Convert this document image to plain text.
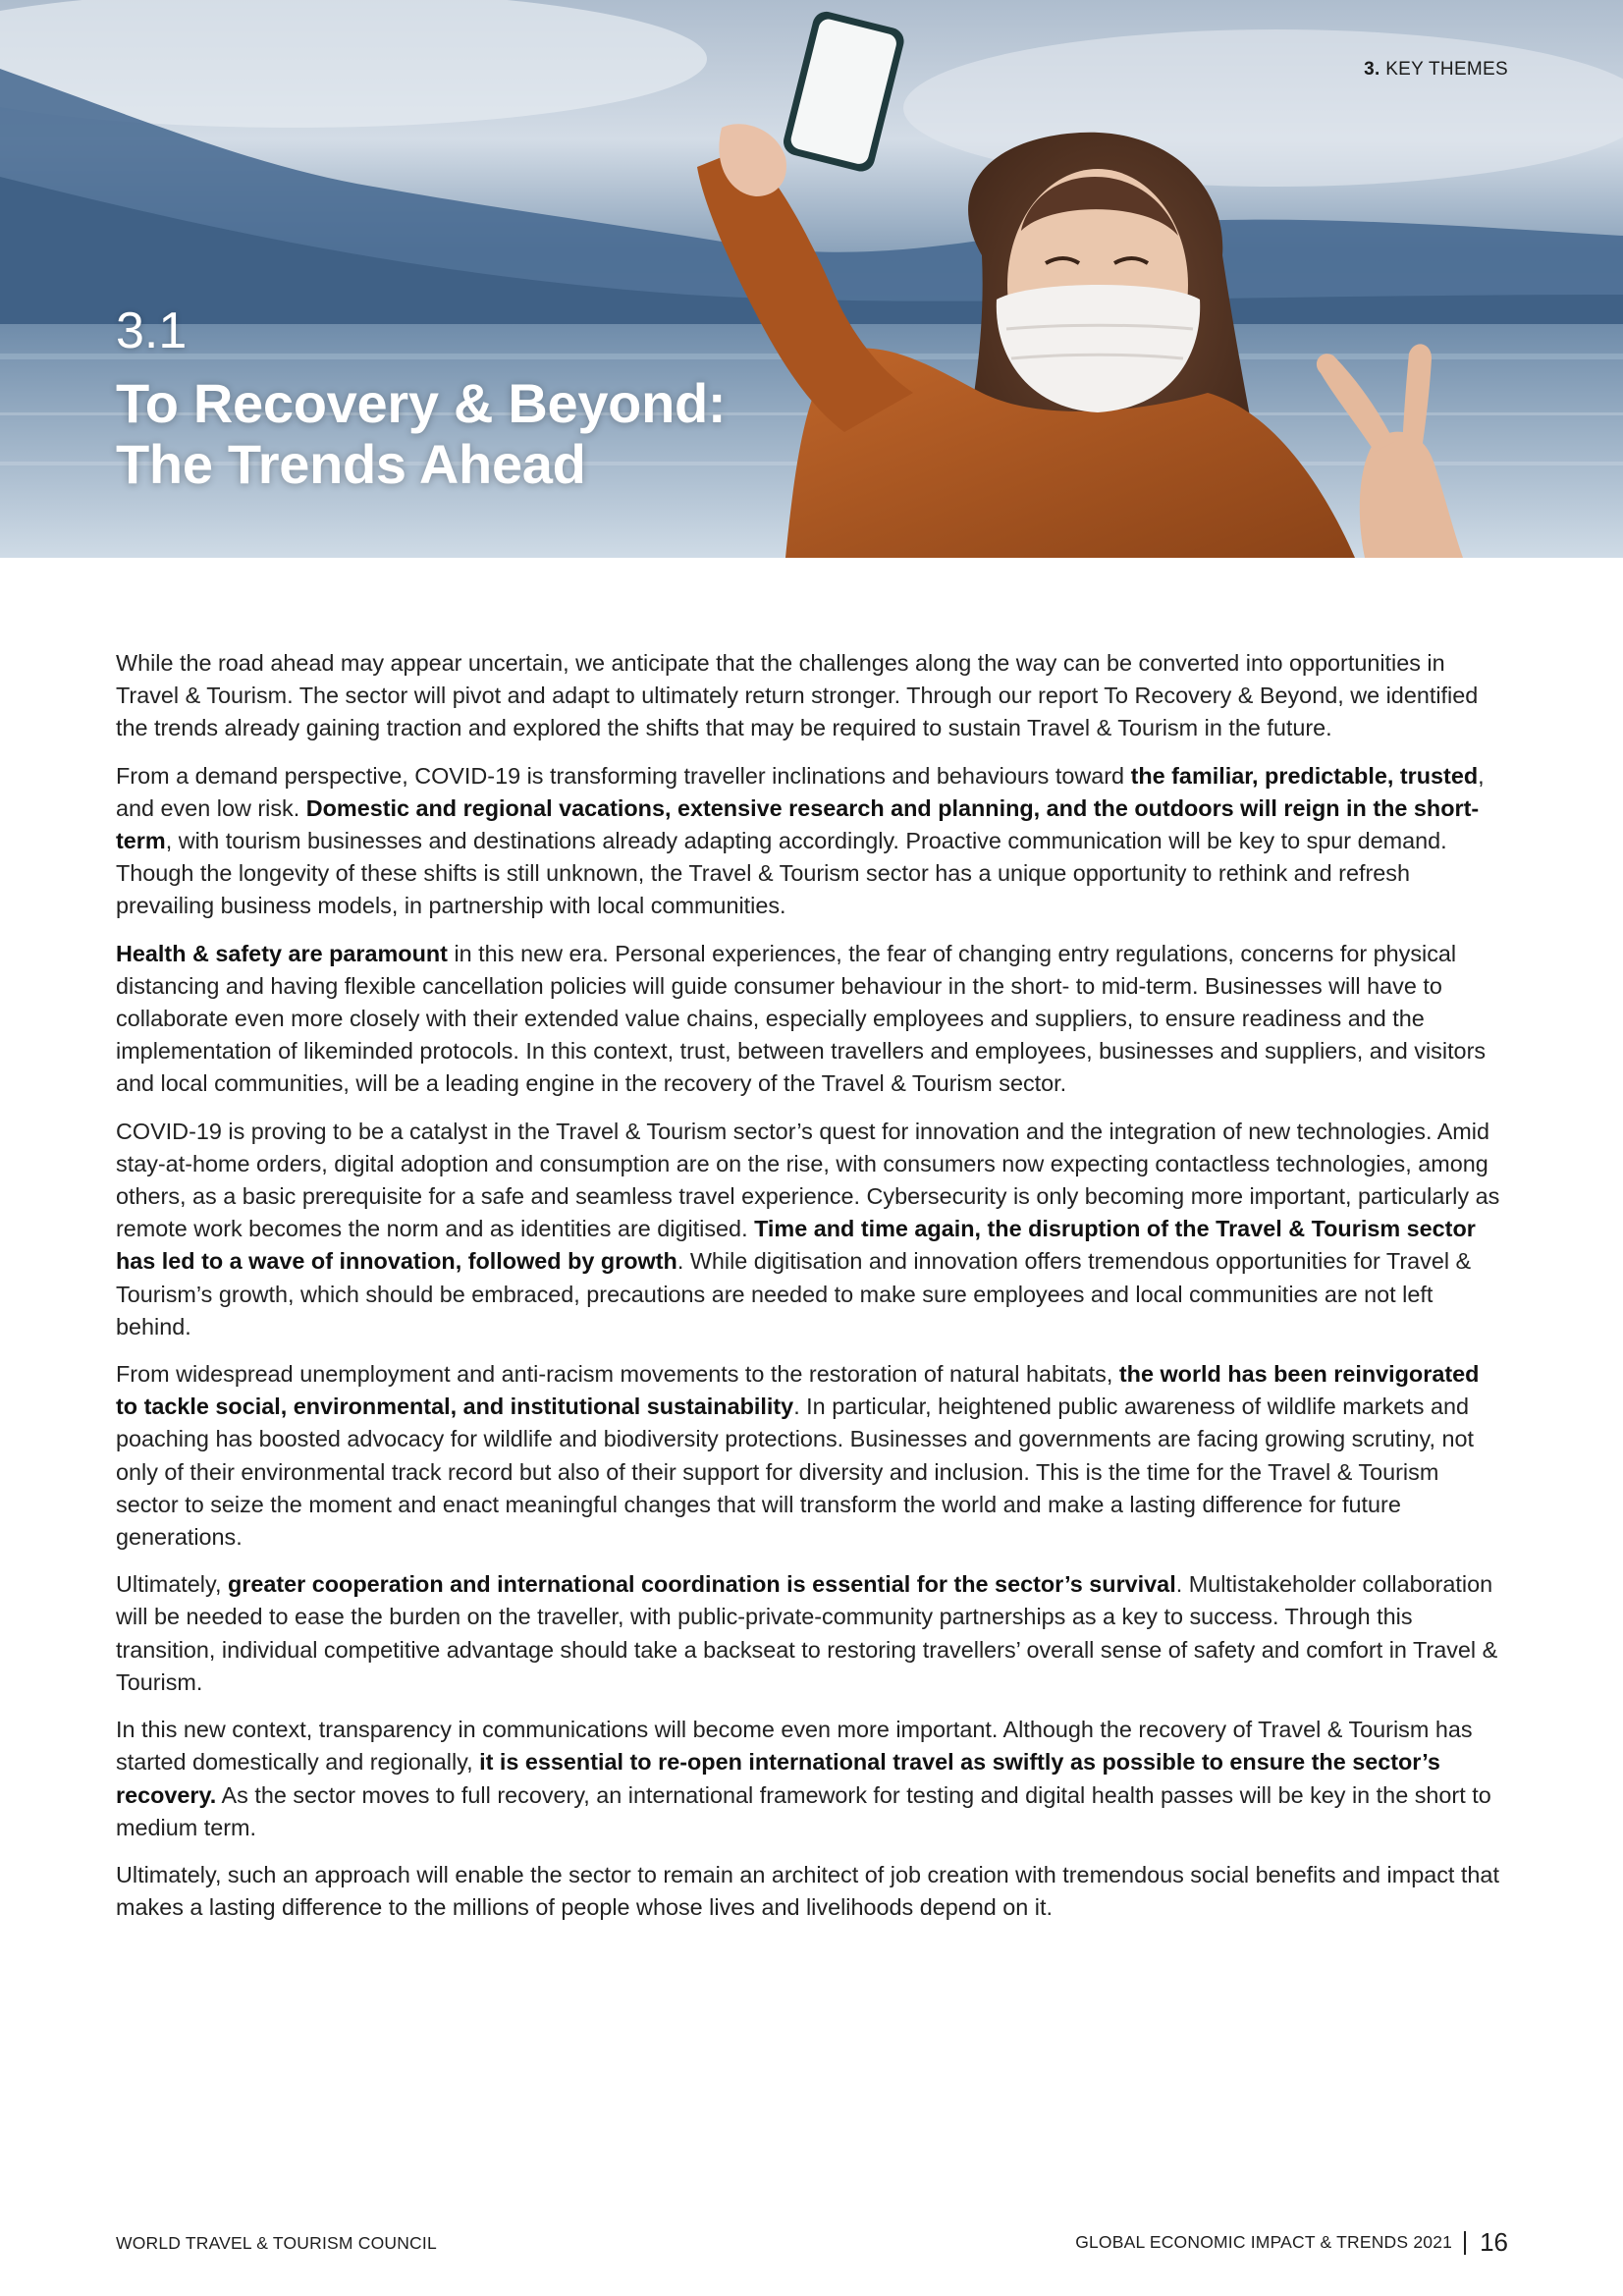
3. KEY THEMES
3.1
To Recovery & Beyond:
The Trends Ahead

While the road ahead may appear uncertain, we anticipate that the challenges along the way can be converted into opportunities in Travel & Tourism. The sector will pivot and adapt to ultimately return stronger. Through our report To Recovery & Beyond, we identified the trends already gaining traction and explored the shifts that may be required to sustain Travel & Tourism in the future.

From a demand perspective, COVID-19 is transforming traveller inclinations and behaviours toward the familiar, predictable, trusted, and even low risk. Domestic and regional vacations, extensive research and planning, and the outdoors will reign in the short-term, with tourism businesses and destinations already adapting accordingly. Proactive communication will be key to spur demand. Though the longevity of these shifts is still unknown, the Travel & Tourism sector has a unique opportunity to rethink and refresh prevailing business models, in partnership with local communities.

Health & safety are paramount in this new era. Personal experiences, the fear of changing entry regulations, concerns for physical distancing and having flexible cancellation policies will guide consumer behaviour in the short- to mid-term. Businesses will have to collaborate even more closely with their extended value chains, especially employees and suppliers, to ensure readiness and the implementation of likeminded protocols. In this context, trust, between travellers and employees, businesses and suppliers, and visitors and local communities, will be a leading engine in the recovery of the Travel & Tourism sector.

COVID-19 is proving to be a catalyst in the Travel & Tourism sector’s quest for innovation and the integration of new technologies. Amid stay-at-home orders, digital adoption and consumption are on the rise, with consumers now expecting contactless technologies, among others, as a basic prerequisite for a safe and seamless travel experience. Cybersecurity is only becoming more important, particularly as remote work becomes the norm and as identities are digitised. Time and time again, the disruption of the Travel & Tourism sector has led to a wave of innovation, followed by growth. While digitisation and innovation offers tremendous opportunities for Travel & Tourism’s growth, which should be embraced, precautions are needed to make sure employees and local communities are not left behind.

From widespread unemployment and anti-racism movements to the restoration of natural habitats, the world has been reinvigorated to tackle social, environmental, and institutional sustainability. In particular, heightened public awareness of wildlife markets and poaching has boosted advocacy for wildlife and biodiversity protections. Businesses and governments are facing growing scrutiny, not only of their environmental track record but also of their support for diversity and inclusion. This is the time for the Travel & Tourism sector to seize the moment and enact meaningful changes that will transform the world and make a lasting difference for future generations.

Ultimately, greater cooperation and international coordination is essential for the sector’s survival. Multistakeholder collaboration will be needed to ease the burden on the traveller, with public-private-community partnerships as a key to success. Through this transition, individual competitive advantage should take a backseat to restoring travellers’ overall sense of safety and comfort in Travel & Tourism.

In this new context, transparency in communications will become even more important. Although the recovery of Travel & Tourism has started domestically and regionally, it is essential to re-open international travel as swiftly as possible to ensure the sector’s recovery. As the sector moves to full recovery, an international framework for testing and digital health passes will be key in the short to medium term.

Ultimately, such an approach will enable the sector to remain an architect of job creation with tremendous social benefits and impact that makes a lasting difference to the millions of people whose lives and livelihoods depend on it.

WORLD TRAVEL & TOURISM COUNCIL	GLOBAL ECONOMIC IMPACT & TRENDS 2021 16
